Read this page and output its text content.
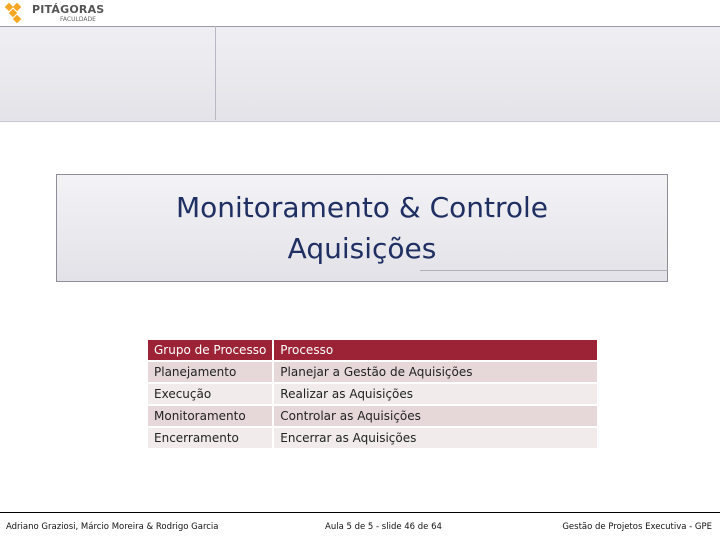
PITÁGORAS
FACULDADE
Monitoramento & Controle
Aquisições
Grupo de Processo	Processo
Planejamento	Planejar a Gestão de Aquisições
Execução	Realizar as Aquisições
Monitoramento	Controlar as Aquisições
Encerramento	Encerrar as Aquisições
Adriano Graziosi, Márcio Moreira & Rodrigo Garcia	Aula 5 de 5 - slide 46 de 64	Gestão de Projetos Executiva - GPE
